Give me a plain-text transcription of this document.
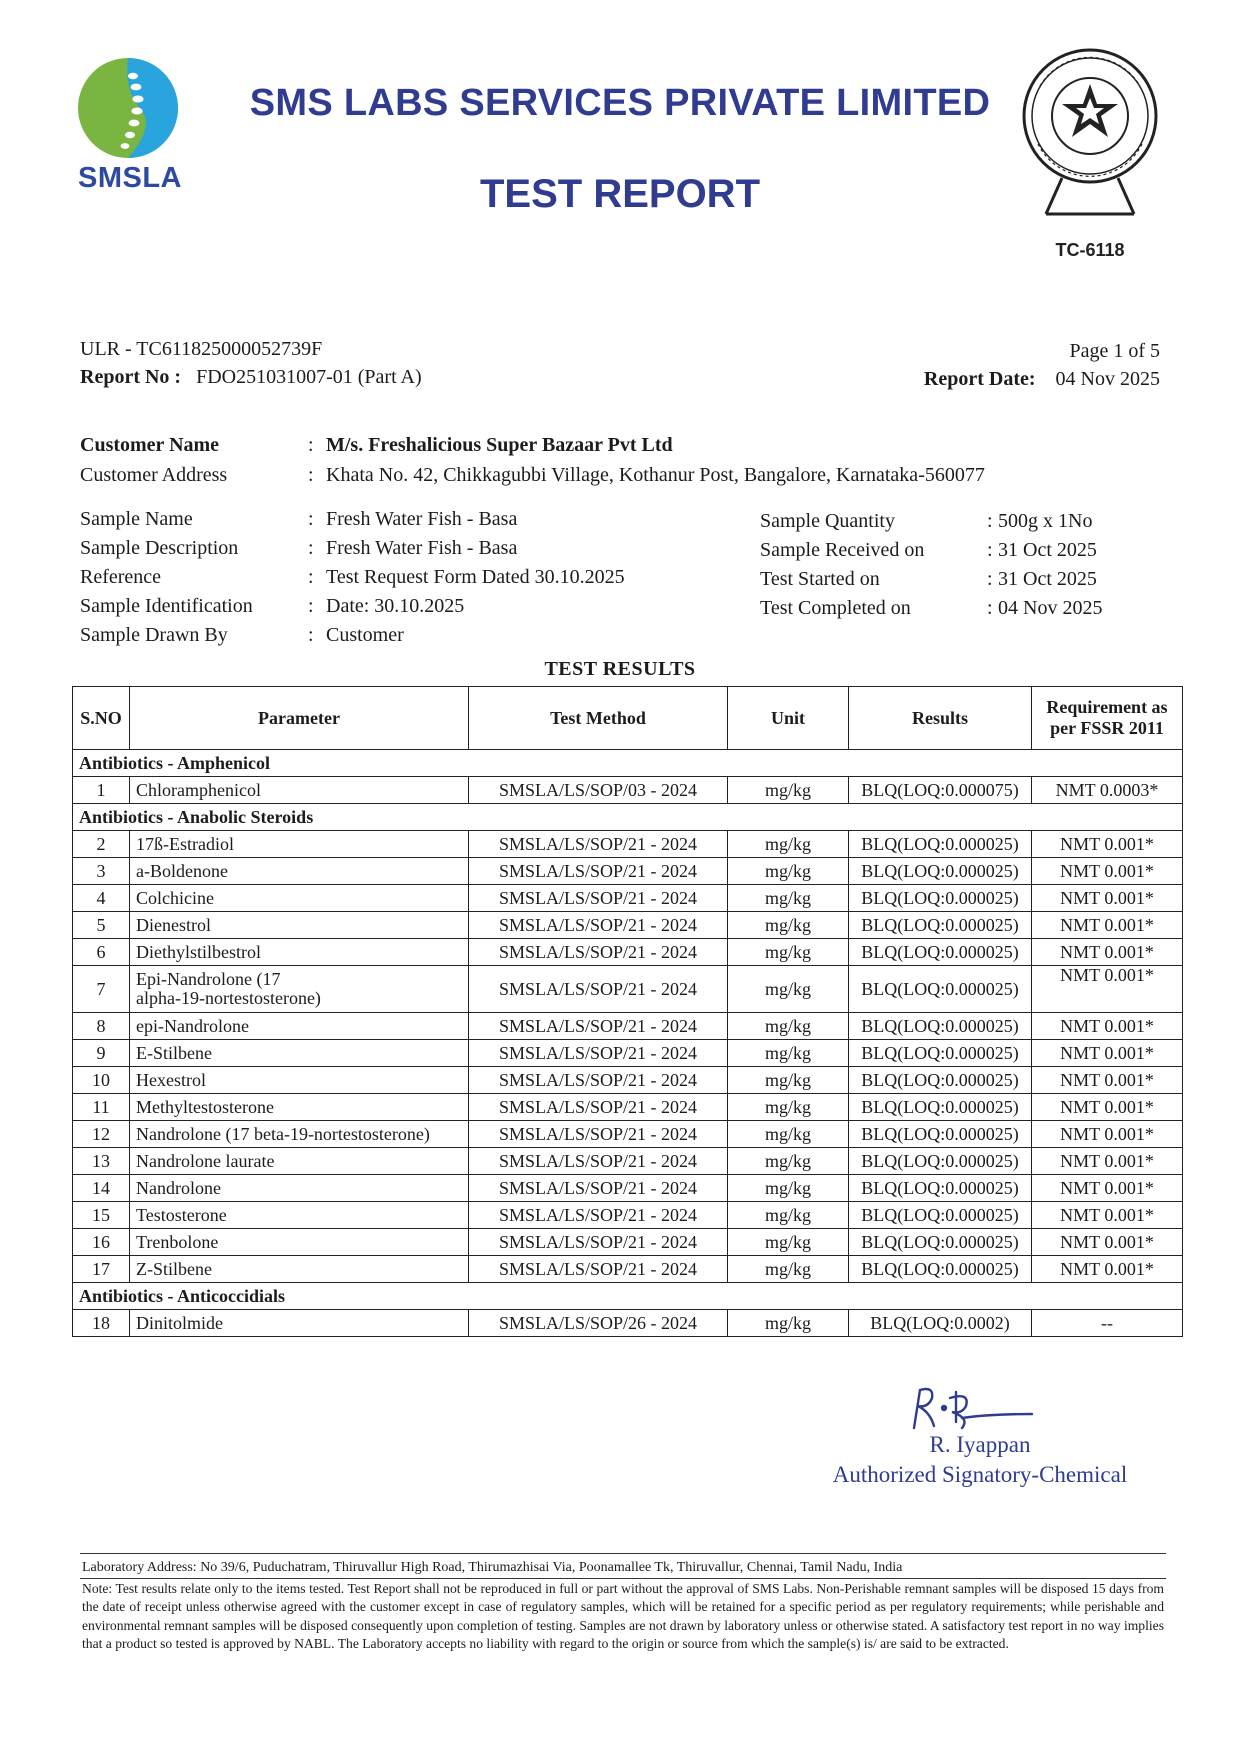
SMSLA
SMS LABS SERVICES PRIVATE LIMITED
TEST REPORT
TC-6118
ULR - TC611825000052739F
Report No : FDO251031007-01 (Part A)
Page 1 of 5
Report Date: 04 Nov 2025
Customer Name	: M/s. Freshalicious Super Bazaar Pvt Ltd
Customer Address	: Khata No. 42, Chikkagubbi Village, Kothanur Post, Bangalore, Karnataka-560077
Sample Name	: Fresh Water Fish - Basa
Sample Description	: Fresh Water Fish - Basa
Reference	: Test Request Form Dated 30.10.2025
Sample Identification	: Date: 30.10.2025
Sample Drawn By	: Customer
Sample Quantity	: 500g x 1No
Sample Received on	: 31 Oct 2025
Test Started on	: 31 Oct 2025
Test Completed on	: 04 Nov 2025
TEST RESULTS
S.NO	Parameter	Test Method	Unit	Results	Requirement as
per FSSR 2011
Antibiotics - Amphenicol					
1	Chloramphenicol	SMSLA/LS/SOP/03 - 2024	mg/kg	BLQ(LOQ:0.000075)	NMT 0.0003*
Antibiotics - Anabolic Steroids					
2	17ß-Estradiol	SMSLA/LS/SOP/21 - 2024	mg/kg	BLQ(LOQ:0.000025)	NMT 0.001*
3	a-Boldenone	SMSLA/LS/SOP/21 - 2024	mg/kg	BLQ(LOQ:0.000025)	NMT 0.001*
4	Colchicine	SMSLA/LS/SOP/21 - 2024	mg/kg	BLQ(LOQ:0.000025)	NMT 0.001*
5	Dienestrol	SMSLA/LS/SOP/21 - 2024	mg/kg	BLQ(LOQ:0.000025)	NMT 0.001*
6	Diethylstilbestrol	SMSLA/LS/SOP/21 - 2024	mg/kg	BLQ(LOQ:0.000025)	NMT 0.001*
7	Epi-Nandrolone (17
alpha-19-nortestosterone)	SMSLA/LS/SOP/21 - 2024	mg/kg	BLQ(LOQ:0.000025)	NMT 0.001*
8	epi-Nandrolone	SMSLA/LS/SOP/21 - 2024	mg/kg	BLQ(LOQ:0.000025)	NMT 0.001*
9	E-Stilbene	SMSLA/LS/SOP/21 - 2024	mg/kg	BLQ(LOQ:0.000025)	NMT 0.001*
10	Hexestrol	SMSLA/LS/SOP/21 - 2024	mg/kg	BLQ(LOQ:0.000025)	NMT 0.001*
11	Methyltestosterone	SMSLA/LS/SOP/21 - 2024	mg/kg	BLQ(LOQ:0.000025)	NMT 0.001*
12	Nandrolone (17 beta-19-nortestosterone)	SMSLA/LS/SOP/21 - 2024	mg/kg	BLQ(LOQ:0.000025)	NMT 0.001*
13	Nandrolone laurate	SMSLA/LS/SOP/21 - 2024	mg/kg	BLQ(LOQ:0.000025)	NMT 0.001*
14	Nandrolone	SMSLA/LS/SOP/21 - 2024	mg/kg	BLQ(LOQ:0.000025)	NMT 0.001*
15	Testosterone	SMSLA/LS/SOP/21 - 2024	mg/kg	BLQ(LOQ:0.000025)	NMT 0.001*
16	Trenbolone	SMSLA/LS/SOP/21 - 2024	mg/kg	BLQ(LOQ:0.000025)	NMT 0.001*
17	Z-Stilbene	SMSLA/LS/SOP/21 - 2024	mg/kg	BLQ(LOQ:0.000025)	NMT 0.001*
Antibiotics - Anticoccidials					
18	Dinitolmide	SMSLA/LS/SOP/26 - 2024	mg/kg	BLQ(LOQ:0.0002)	--
R. Iyappan
Authorized Signatory-Chemical
Laboratory Address: No 39/6, Puduchatram, Thiruvallur High Road, Thirumazhisai Via, Poonamallee Tk, Thiruvallur, Chennai, Tamil Nadu, India
Note: Test results relate only to the items tested. Test Report shall not be reproduced in full or part without the approval of SMS Labs. Non-Perishable remnant samples will be disposed 15 days from the date of receipt unless otherwise agreed with the customer except in case of regulatory samples, which will be retained for a specific period as per regulatory requirements; while perishable and environmental remnant samples will be disposed consequently upon completion of testing. Samples are not drawn by laboratory unless or otherwise stated. A satisfactory test report in no way implies that a product so tested is approved by NABL. The Laboratory accepts no liability with regard to the origin or source from which the sample(s) is/ are said to be extracted.
